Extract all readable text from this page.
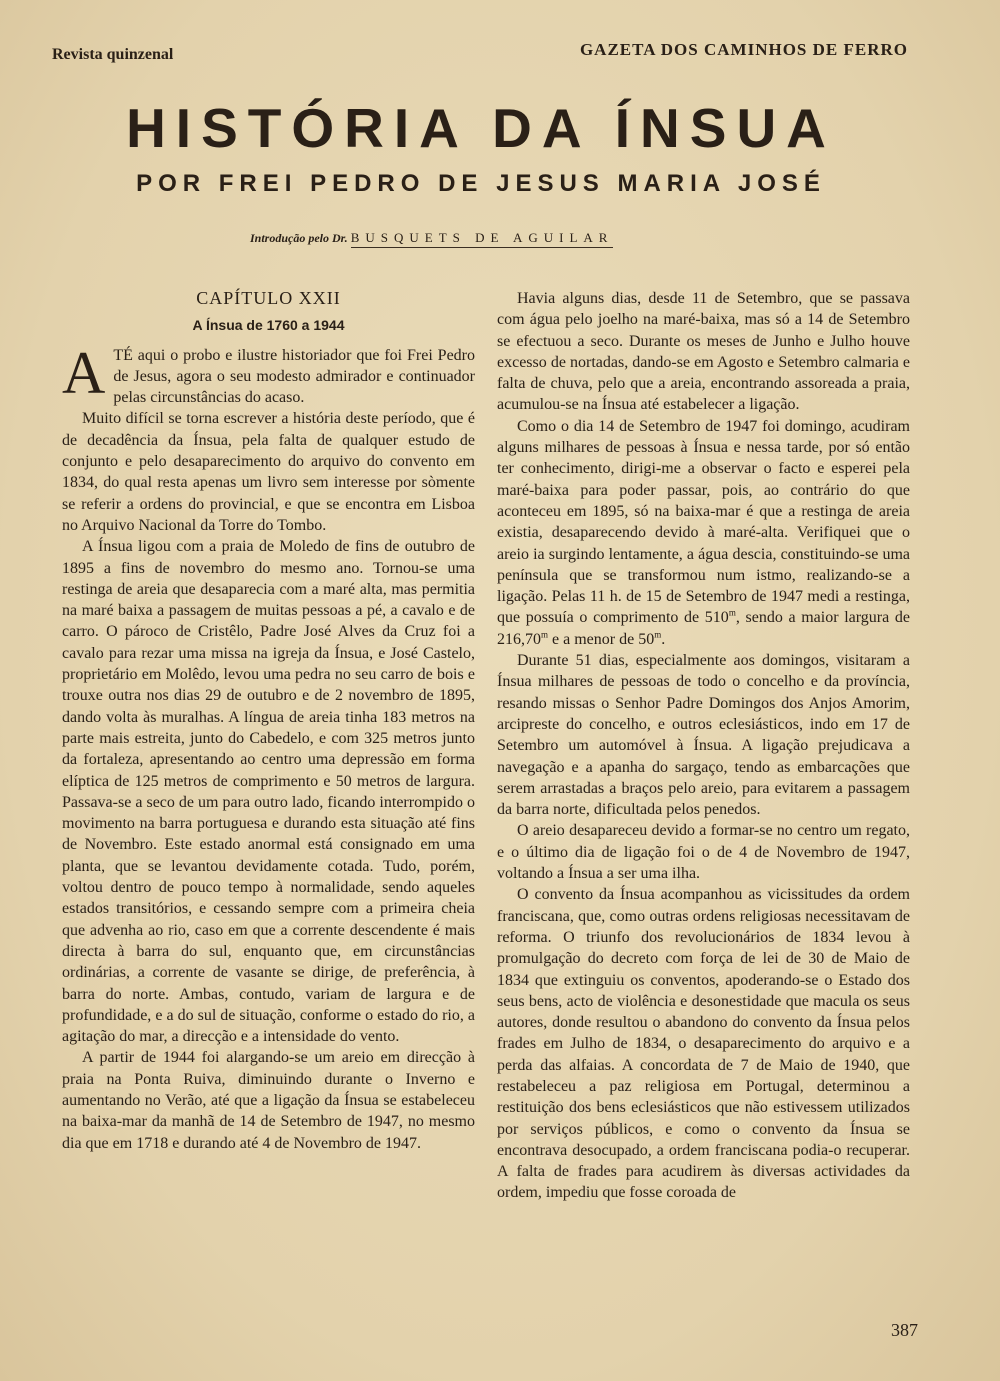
Revista quinzenal	GAZETA DOS CAMINHOS DE FERRO
HISTÓRIA DA ÍNSUA
POR FREI PEDRO DE JESUS MARIA JOSÉ
Introdução pelo Dr. BUSQUETS DE AGUILAR
CAPÍTULO XXII
A Ínsua de 1760 a 1944

ATÉ aqui o probo e ilustre historiador que foi Frei Pedro de Jesus, agora o seu modesto admirador e continuador pelas circunstâncias do acaso.

Muito difícil se torna escrever a história deste período, que é de decadência da Ínsua, pela falta de qualquer estudo de conjunto e pelo desaparecimento do arquivo do convento em 1834, do qual resta apenas um livro sem interesse por sòmente se referir a ordens do provincial, e que se encontra em Lisboa no Arquivo Nacional da Torre do Tombo.

A Ínsua ligou com a praia de Moledo de fins de outubro de 1895 a fins de novembro do mesmo ano. Tornou-se uma restinga de areia que desaparecia com a maré alta, mas permitia na maré baixa a passagem de muitas pessoas a pé, a cavalo e de carro. O pároco de Cristêlo, Padre José Alves da Cruz foi a cavalo para rezar uma missa na igreja da Ínsua, e José Castelo, proprietário em Molêdo, levou uma pedra no seu carro de bois e trouxe outra nos dias 29 de outubro e de 2 novembro de 1895, dando volta às muralhas. A língua de areia tinha 183 metros na parte mais estreita, junto do Cabedelo, e com 325 metros junto da fortaleza, apresentando ao centro uma depressão em forma elíptica de 125 metros de comprimento e 50 metros de largura. Passava-se a seco de um para outro lado, ficando interrompido o movimento na barra portuguesa e durando esta situação até fins de Novembro. Este estado anormal está consignado em uma planta, que se levantou devidamente cotada. Tudo, porém, voltou dentro de pouco tempo à normalidade, sendo aqueles estados transitórios, e cessando sempre com a primeira cheia que advenha ao rio, caso em que a corrente descendente é mais directa à barra do sul, enquanto que, em circunstâncias ordinárias, a corrente de vasante se dirige, de preferência, à barra do norte. Ambas, contudo, variam de largura e de profundidade, e a do sul de situação, conforme o estado do rio, a agitação do mar, a direcção e a intensidade do vento.

A partir de 1944 foi alargando-se um areio em direcção à praia na Ponta Ruiva, diminuindo durante o Inverno e aumentando no Verão, até que a ligação da Ínsua se estabeleceu na baixa-mar da manhã de 14 de Setembro de 1947, no mesmo dia que em 1718 e durando até 4 de Novembro de 1947.

Havia alguns dias, desde 11 de Setembro, que se passava com água pelo joelho na maré-baixa, mas só a 14 de Setembro se efectuou a seco. Durante os meses de Junho e Julho houve excesso de nortadas, dando-se em Agosto e Setembro calmaria e falta de chuva, pelo que a areia, encontrando assoreada a praia, acumulou-se na Ínsua até estabelecer a ligação.

Como o dia 14 de Setembro de 1947 foi domingo, acudiram alguns milhares de pessoas à Ínsua e nessa tarde, por só então ter conhecimento, dirigi-me a observar o facto e esperei pela maré-baixa para poder passar, pois, ao contrário do que aconteceu em 1895, só na baixa-mar é que a restinga de areia existia, desaparecendo devido à maré-alta. Verifiquei que o areio ia surgindo lentamente, a água descia, constituindo-se uma península que se transformou num istmo, realizando-se a ligação. Pelas 11 h. de 15 de Setembro de 1947 medi a restinga, que possuía o comprimento de 510$^m$, sendo a maior largura de 216,70$^m$ e a menor de 50$^m$.

Durante 51 dias, especialmente aos domingos, visitaram a Ínsua milhares de pessoas de todo o concelho e da província, resando missas o Senhor Padre Domingos dos Anjos Amorim, arcipreste do concelho, e outros eclesiásticos, indo em 17 de Setembro um automóvel à Ínsua. A ligação prejudicava a navegação e a apanha do sargaço, tendo as embarcações que serem arrastadas a braços pelo areio, para evitarem a passagem da barra norte, dificultada pelos penedos.

O areio desapareceu devido a formar-se no centro um regato, e o último dia de ligação foi o de 4 de Novembro de 1947, voltando a Ínsua a ser uma ilha.

O convento da Ínsua acompanhou as vicissitudes da ordem franciscana, que, como outras ordens religiosas necessitavam de reforma. O triunfo dos revolucionários de 1834 levou à promulgação do decreto com força de lei de 30 de Maio de 1834 que extinguiu os conventos, apoderando-se o Estado dos seus bens, acto de violência e desonestidade que macula os seus autores, donde resultou o abandono do convento da Ínsua pelos frades em Julho de 1834, o desaparecimento do arquivo e a perda das alfaias. A concordata de 7 de Maio de 1940, que restabeleceu a paz religiosa em Portugal, determinou a restituição dos bens eclesiásticos que não estivessem utilizados por serviços públicos, e como o convento da Ínsua se encontrava desocupado, a ordem franciscana podia-o recuperar. A falta de frades para acudirem às diversas actividades da ordem, impediu que fosse coroada de

387
